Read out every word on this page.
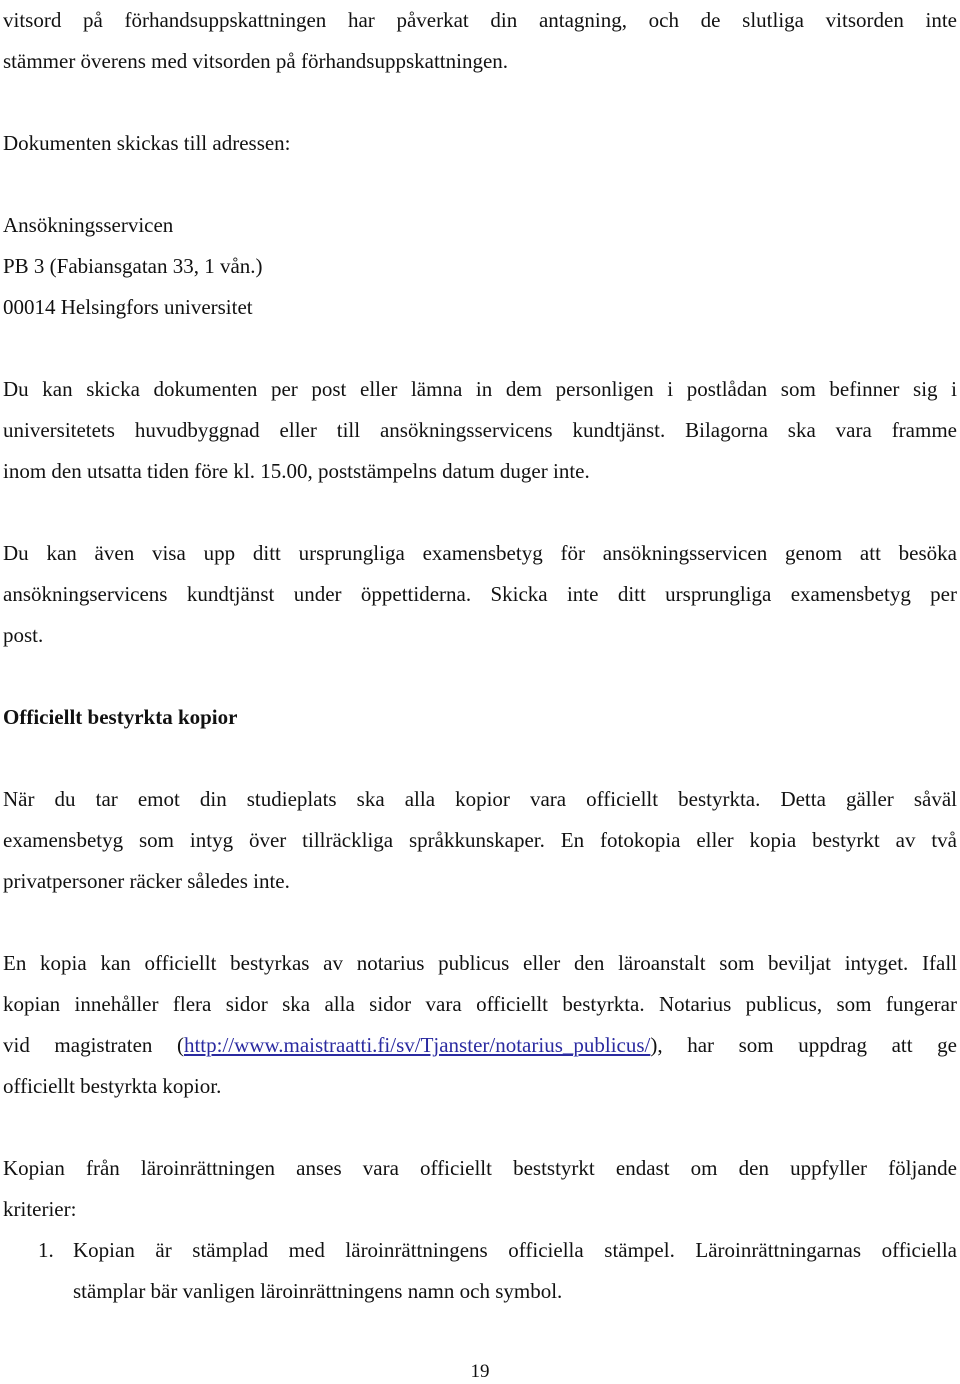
vitsord på förhandsuppskattningen har påverkat din antagning, och de slutliga vitsorden inte
stämmer överens med vitsorden på förhandsuppskattningen.

Dokumenten skickas till adressen:

Ansökningsservicen
PB 3 (Fabiansgatan 33, 1 vån.)
00014 Helsingfors universitet

Du kan skicka dokumenten per post eller lämna in dem personligen i postlådan som befinner sig i
universitetets huvudbyggnad eller till ansökningsservicens kundtjänst. Bilagorna ska vara framme
inom den utsatta tiden före kl. 15.00, poststämpelns datum duger inte.

Du kan även visa upp ditt ursprungliga examensbetyg för ansökningsservicen genom att besöka
ansökningservicens kundtjänst under öppettiderna. Skicka inte ditt ursprungliga examensbetyg per
post.

Officiellt bestyrkta kopior

När du tar emot din studieplats ska alla kopior vara officiellt bestyrkta. Detta gäller såväl
examensbetyg som intyg över tillräckliga språkkunskaper. En fotokopia eller kopia bestyrkt av två
privatpersoner räcker således inte.

En kopia kan officiellt bestyrkas av notarius publicus eller den läroanstalt som beviljat intyget. Ifall
kopian innehåller flera sidor ska alla sidor vara officiellt bestyrkta. Notarius publicus, som fungerar
vid magistraten (http://www.maistraatti.fi/sv/Tjanster/notarius_publicus/), har som uppdrag att ge
officiellt bestyrkta kopior.

Kopian från läroinrättningen anses vara officiellt beststyrkt endast om den uppfyller följande
kriterier:

1. Kopian är stämplad med läroinrättningens officiella stämpel. Läroinrättningarnas officiella
stämplar bär vanligen läroinrättningens namn och symbol.
19
